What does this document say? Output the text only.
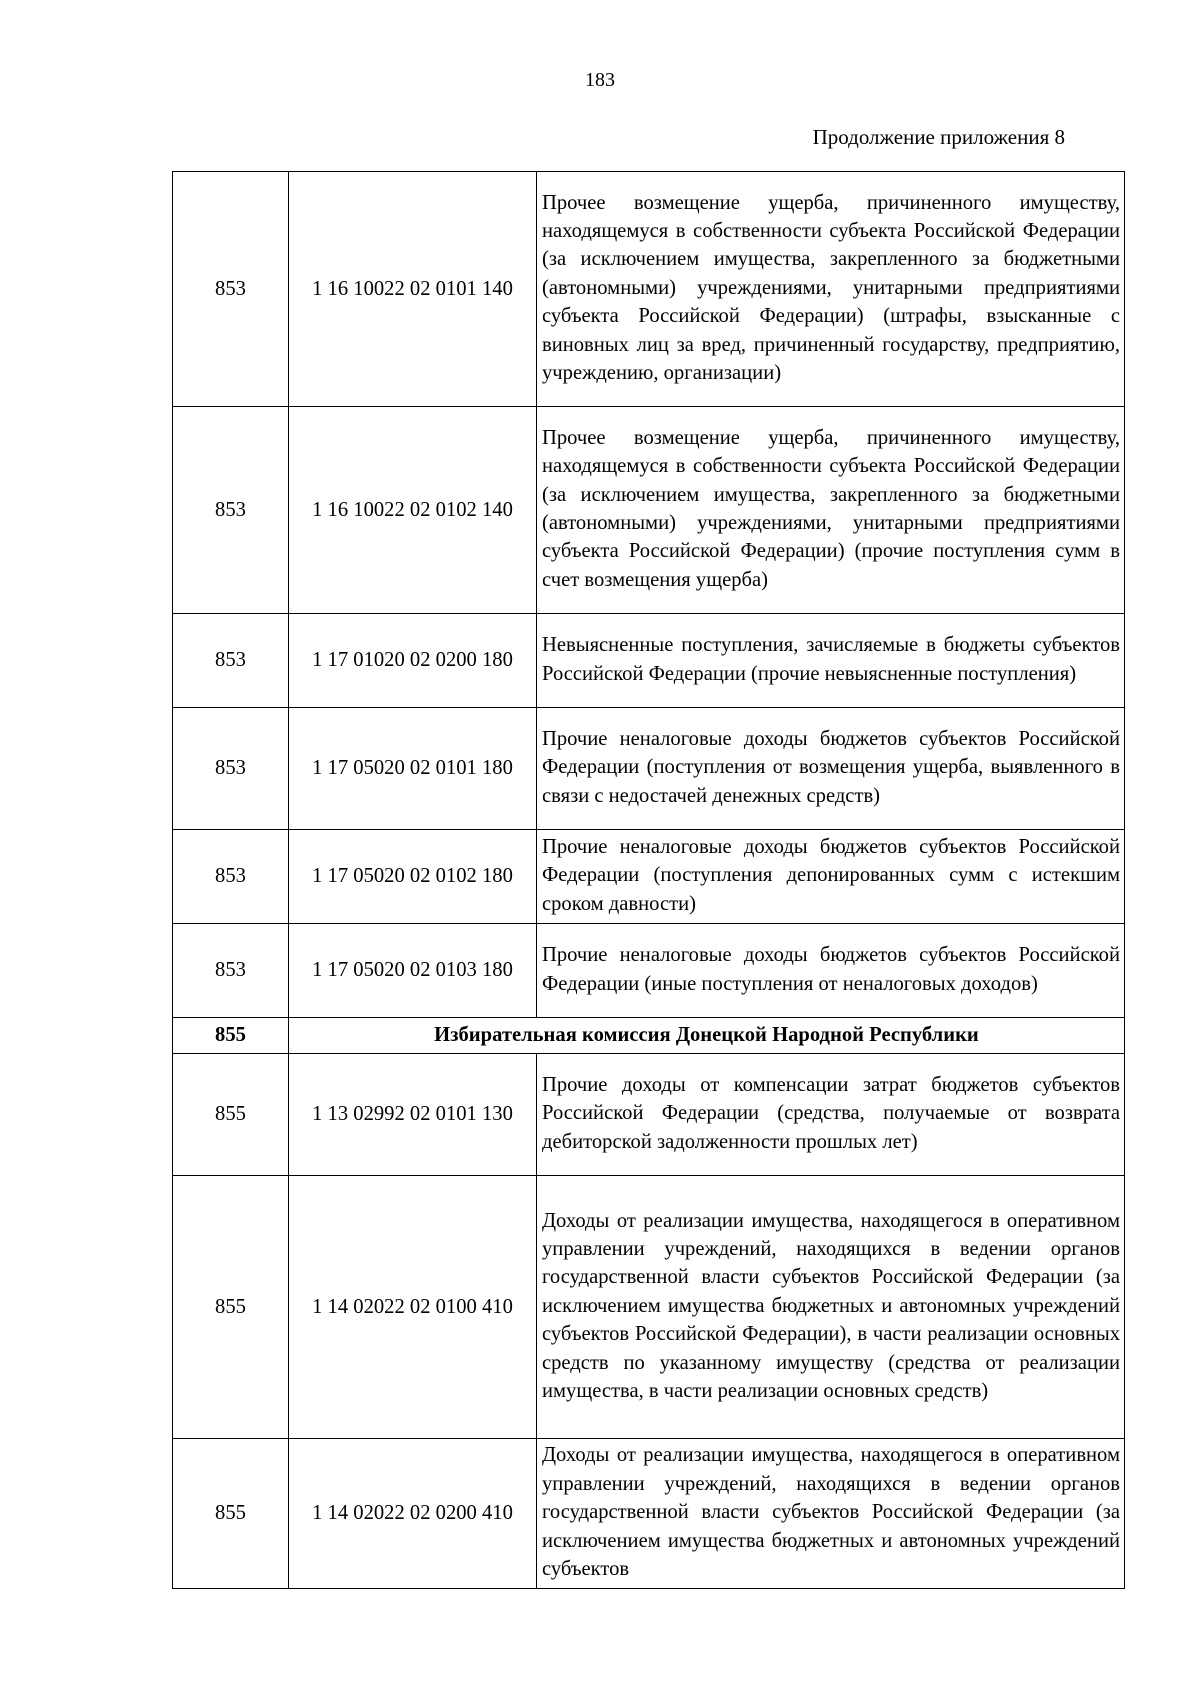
183
Продолжение приложения 8
853	1 16 10022 02 0101 140	Прочее возмещение ущерба, причиненного имуществу, находящемуся в собственности субъекта Российской Федерации (за исключением имущества, закрепленного за бюджетными (автономными) учреждениями, унитарными предприятиями субъекта Российской Федерации) (штрафы, взысканные с виновных лиц за вред, причиненный государству, предприятию, учреждению, организации)
853	1 16 10022 02 0102 140	Прочее возмещение ущерба, причиненного имуществу, находящемуся в собственности субъекта Российской Федерации (за исключением имущества, закрепленного за бюджетными (автономными) учреждениями, унитарными предприятиями субъекта Российской Федерации) (прочие поступления сумм в счет возмещения ущерба)
853	1 17 01020 02 0200 180	Невыясненные поступления, зачисляемые в бюджеты субъектов Российской Федерации (прочие невыясненные поступления)
853	1 17 05020 02 0101 180	Прочие неналоговые доходы бюджетов субъектов Российской Федерации (поступления от возмещения ущерба, выявленного в связи с недостачей денежных средств)
853	1 17 05020 02 0102 180	Прочие неналоговые доходы бюджетов субъектов Российской Федерации (поступления депонированных сумм с истекшим сроком давности)
853	1 17 05020 02 0103 180	Прочие неналоговые доходы бюджетов субъектов Российской Федерации (иные поступления от неналоговых доходов)
855	Избирательная комиссия Донецкой Народной Республики	
855	1 13 02992 02 0101 130	Прочие доходы от компенсации затрат бюджетов субъектов Российской Федерации (средства, получаемые от возврата дебиторской задолженности прошлых лет)
855	1 14 02022 02 0100 410	Доходы от реализации имущества, находящегося в оперативном управлении учреждений, находящихся в ведении органов государственной власти субъектов Российской Федерации (за исключением имущества бюджетных и автономных учреждений субъектов Российской Федерации), в части реализации основных средств по указанному имуществу (средства от реализации имущества, в части реализации основных средств)
855	1 14 02022 02 0200 410	Доходы от реализации имущества, находящегося в оперативном управлении учреждений, находящихся в ведении органов государственной власти субъектов Российской Федерации (за исключением имущества бюджетных и автономных учреждений субъектов
